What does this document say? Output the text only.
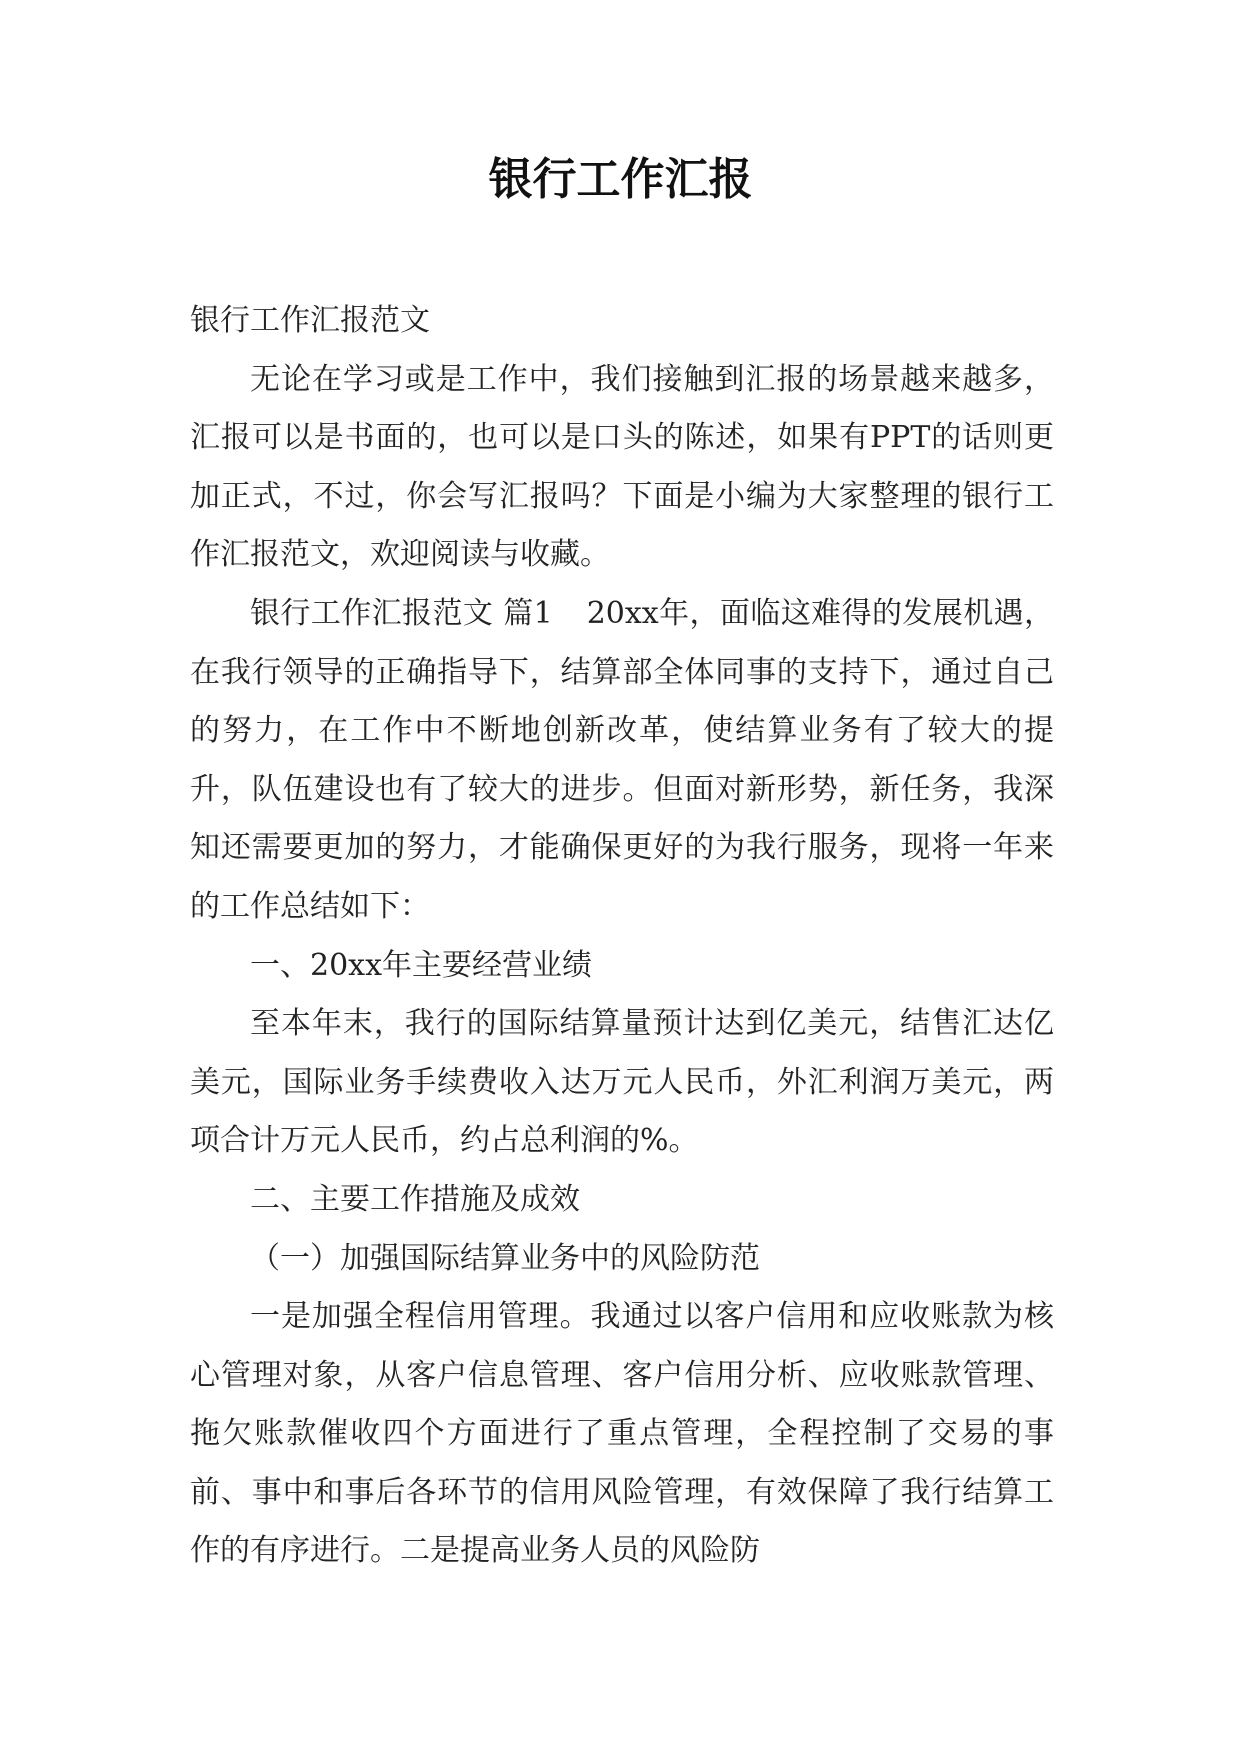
银行工作汇报

银行工作汇报范文

无论在学习或是工作中，我们接触到汇报的场景越来越多，汇报可以是书面的，也可以是口头的陈述，如果有PPT的话则更加正式，不过，你会写汇报吗？下面是小编为大家整理的银行工作汇报范文，欢迎阅读与收藏。

银行工作汇报范文 篇1 20xx年，面临这难得的发展机遇，在我行领导的正确指导下，结算部全体同事的支持下，通过自己的努力，在工作中不断地创新改革，使结算业务有了较大的提升，队伍建设也有了较大的进步。但面对新形势，新任务，我深知还需要更加的努力，才能确保更好的为我行服务，现将一年来的工作总结如下：

一、20xx年主要经营业绩

至本年末，我行的国际结算量预计达到亿美元，结售汇达亿美元，国际业务手续费收入达万元人民币，外汇利润万美元，两项合计万元人民币，约占总利润的%。

二、主要工作措施及成效

（一）加强国际结算业务中的风险防范

一是加强全程信用管理。我通过以客户信用和应收账款为核心管理对象，从客户信息管理、客户信用分析、应收账款管理、拖欠账款催收四个方面进行了重点管理，全程控制了交易的事前、事中和事后各环节的信用风险管理，有效保障了我行结算工作的有序进行。二是提高业务人员的风险防
